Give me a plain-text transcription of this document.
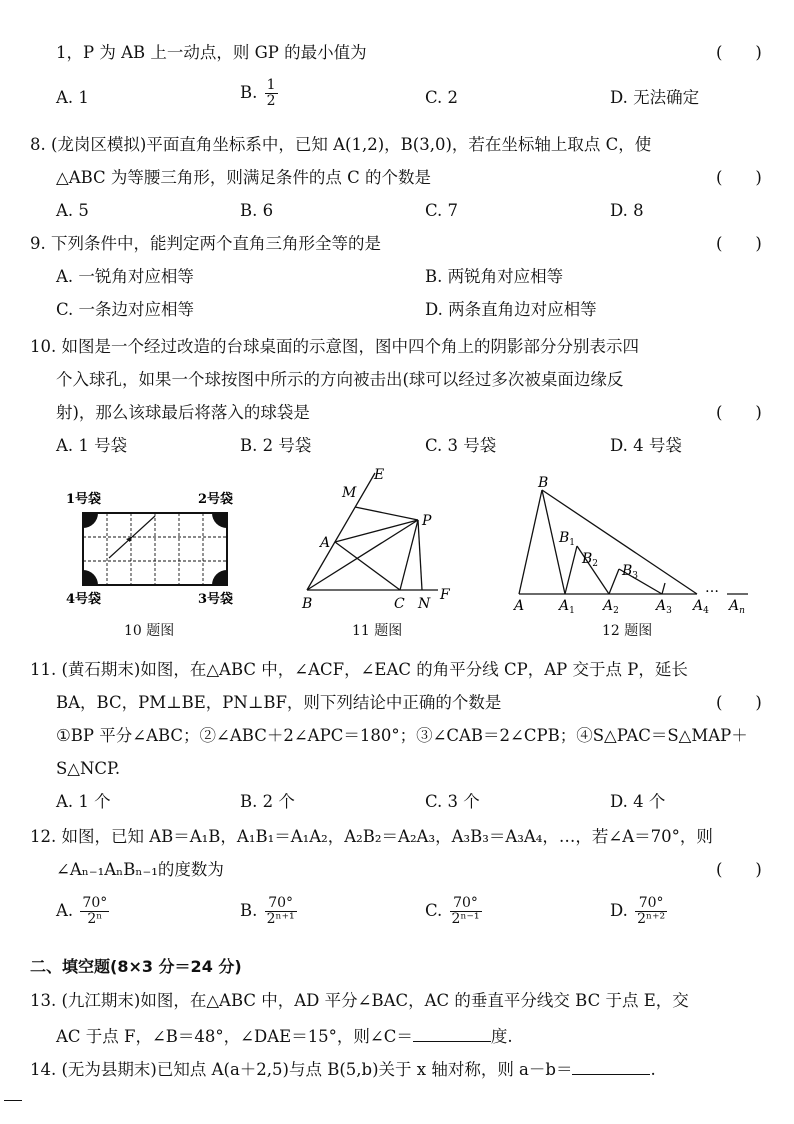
1，P 为 AB 上一动点，则 GP 的最小值为	(　　)
A. 1	B. $\frac{1}{2}$	C. 2	D. 无法确定
8. (龙岗区模拟)平面直角坐标系中，已知 A(1,2)，B(3,0)，若在坐标轴上取点 C，使
△ABC 为等腰三角形，则满足条件的点 C 的个数是	(　　)
A. 5	B. 6	C. 7	D. 8
9. 下列条件中，能判定两个直角三角形全等的是	(　　)
A. 一锐角对应相等	B. 两锐角对应相等
C. 一条边对应相等	D. 两条直角边对应相等
10. 如图是一个经过改造的台球桌面的示意图，图中四个角上的阴影部分分别表示四
个入球孔，如果一个球按图中所示的方向被击出(球可以经过多次被桌面边缘反
射)，那么该球最后将落入的球袋是	(　　)
A. 1 号袋	B. 2 号袋	C. 3 号袋	D. 4 号袋
1号袋	2号袋
4号袋	3号袋
10 题图
E
M
P
A
B	C N
F
11 题图
B
$B_1$
$B_2$ $B_3$
A $A_1$ $A_2$	$A_3$ $A_4$
…
$A_n$
12 题图
11. (黄石期末)如图，在△ABC 中，∠ACF，∠EAC 的角平分线 CP，AP 交于点 P，延长
BA，BC，PM⊥BE，PN⊥BF，则下列结论中正确的个数是	(　　)
①BP 平分∠ABC；②∠ABC＋2∠APC＝180°；③∠CAB＝2∠CPB；④S△PAC＝S△MAP＋
S△NCP.
A. 1 个	B. 2 个	C. 3 个	D. 4 个
12. 如图，已知 AB＝A₁B，A₁B₁＝A₁A₂，A₂B₂＝A₂A₃，A₃B₃＝A₃A₄，…，若∠A＝70°，则
∠Aₙ₋₁AₙBₙ₋₁的度数为	(　　)
A. $\frac{70^\circ}{\text{2ⁿ}}$	B. $\frac{70^\circ}{\text{2ⁿ⁺¹}}$	C. $\frac{70^\circ}{\text{2ⁿ⁻¹}}$	D. $\frac{70^\circ}{\text{2ⁿ⁺²}}$
二、填空题(8×3 分＝24 分)
13. (九江期末)如图，在△ABC 中，AD 平分∠BAC，AC 的垂直平分线交 BC 于点 E，交
AC 于点 F，∠B＝48°，∠DAE＝15°，则∠C＝	度.
14. (无为县期末)已知点 A(a＋2,5)与点 B(5,b)关于 x 轴对称，则 a－b＝	.
